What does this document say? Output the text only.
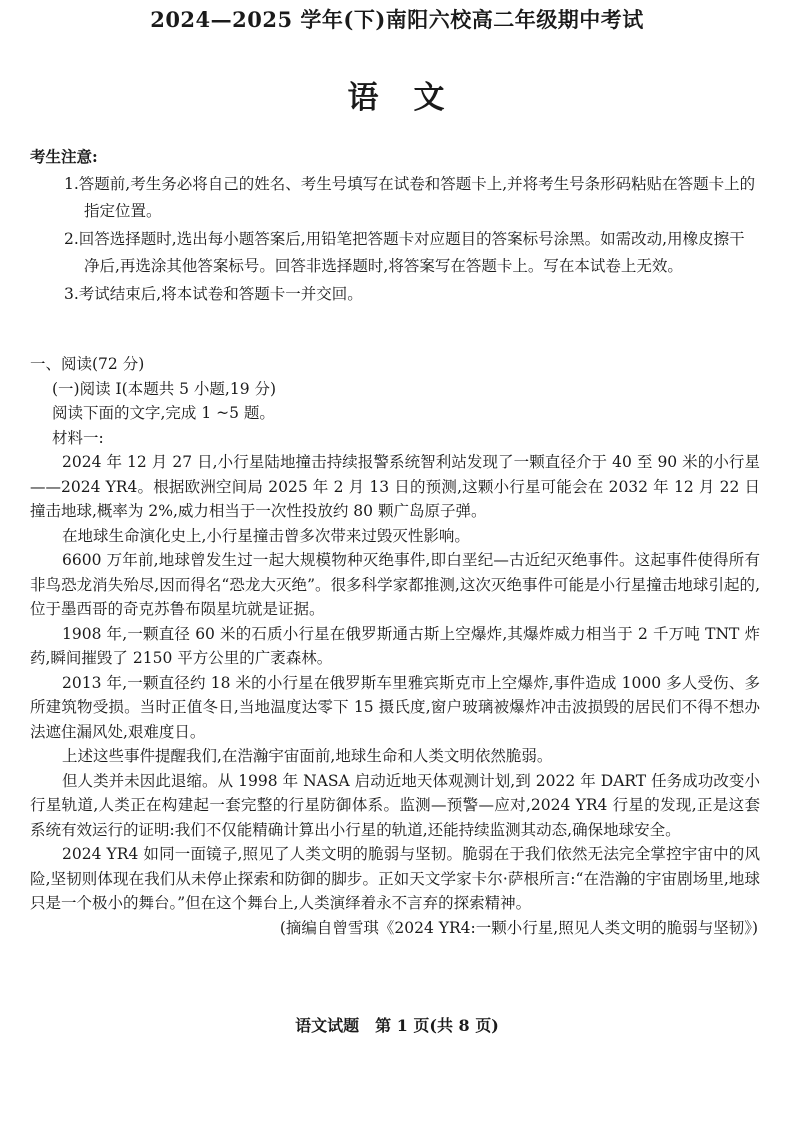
2024—2025 学年(下)南阳六校高二年级期中考试
语　文
考生注意:
1.答题前,考生务必将自己的姓名、考生号填写在试卷和答题卡上,并将考生号条形码粘贴在答题卡上的指定位置。
2.回答选择题时,选出每小题答案后,用铅笔把答题卡对应题目的答案标号涂黑。如需改动,用橡皮擦干净后,再选涂其他答案标号。回答非选择题时,将答案写在答题卡上。写在本试卷上无效。
3.考试结束后,将本试卷和答题卡一并交回。
一、阅读(72 分)
(一)阅读 I(本题共 5 小题,19 分)
阅读下面的文字,完成 1 ~5 题。
材料一:

2024 年 12 月 27 日,小行星陆地撞击持续报警系统智利站发现了一颗直径介于 40 至 90 米的小行星——2024 YR4。根据欧洲空间局 2025 年 2 月 13 日的预测,这颗小行星可能会在 2032 年 12 月 22 日撞击地球,概率为 2%,威力相当于一次性投放约 80 颗广岛原子弹。

在地球生命演化史上,小行星撞击曾多次带来过毁灭性影响。

6600 万年前,地球曾发生过一起大规模物种灭绝事件,即白垩纪—古近纪灭绝事件。这起事件使得所有非鸟恐龙消失殆尽,因而得名“恐龙大灭绝”。很多科学家都推测,这次灭绝事件可能是小行星撞击地球引起的,位于墨西哥的奇克苏鲁布陨星坑就是证据。

1908 年,一颗直径 60 米的石质小行星在俄罗斯通古斯上空爆炸,其爆炸威力相当于 2 千万吨 TNT 炸药,瞬间摧毁了 2150 平方公里的广袤森林。

2013 年,一颗直径约 18 米的小行星在俄罗斯车里雅宾斯克市上空爆炸,事件造成 1000 多人受伤、多所建筑物受损。当时正值冬日,当地温度达零下 15 摄氏度,窗户玻璃被爆炸冲击波损毁的居民们不得不想办法遮住漏风处,艰难度日。

上述这些事件提醒我们,在浩瀚宇宙面前,地球生命和人类文明依然脆弱。

但人类并未因此退缩。从 1998 年 NASA 启动近地天体观测计划,到 2022 年 DART 任务成功改变小行星轨道,人类正在构建起一套完整的行星防御体系。监测—预警—应对,2024 YR4 行星的发现,正是这套系统有效运行的证明:我们不仅能精确计算出小行星的轨道,还能持续监测其动态,确保地球安全。

2024 YR4 如同一面镜子,照见了人类文明的脆弱与坚韧。脆弱在于我们依然无法完全掌控宇宙中的风险,坚韧则体现在我们从未停止探索和防御的脚步。正如天文学家卡尔·萨根所言:“在浩瀚的宇宙剧场里,地球只是一个极小的舞台。”但在这个舞台上,人类演绎着永不言弃的探索精神。

(摘编自曾雪琪《2024 YR4:一颗小行星,照见人类文明的脆弱与坚韧》)
语文试题　第 1 页(共 8 页)
